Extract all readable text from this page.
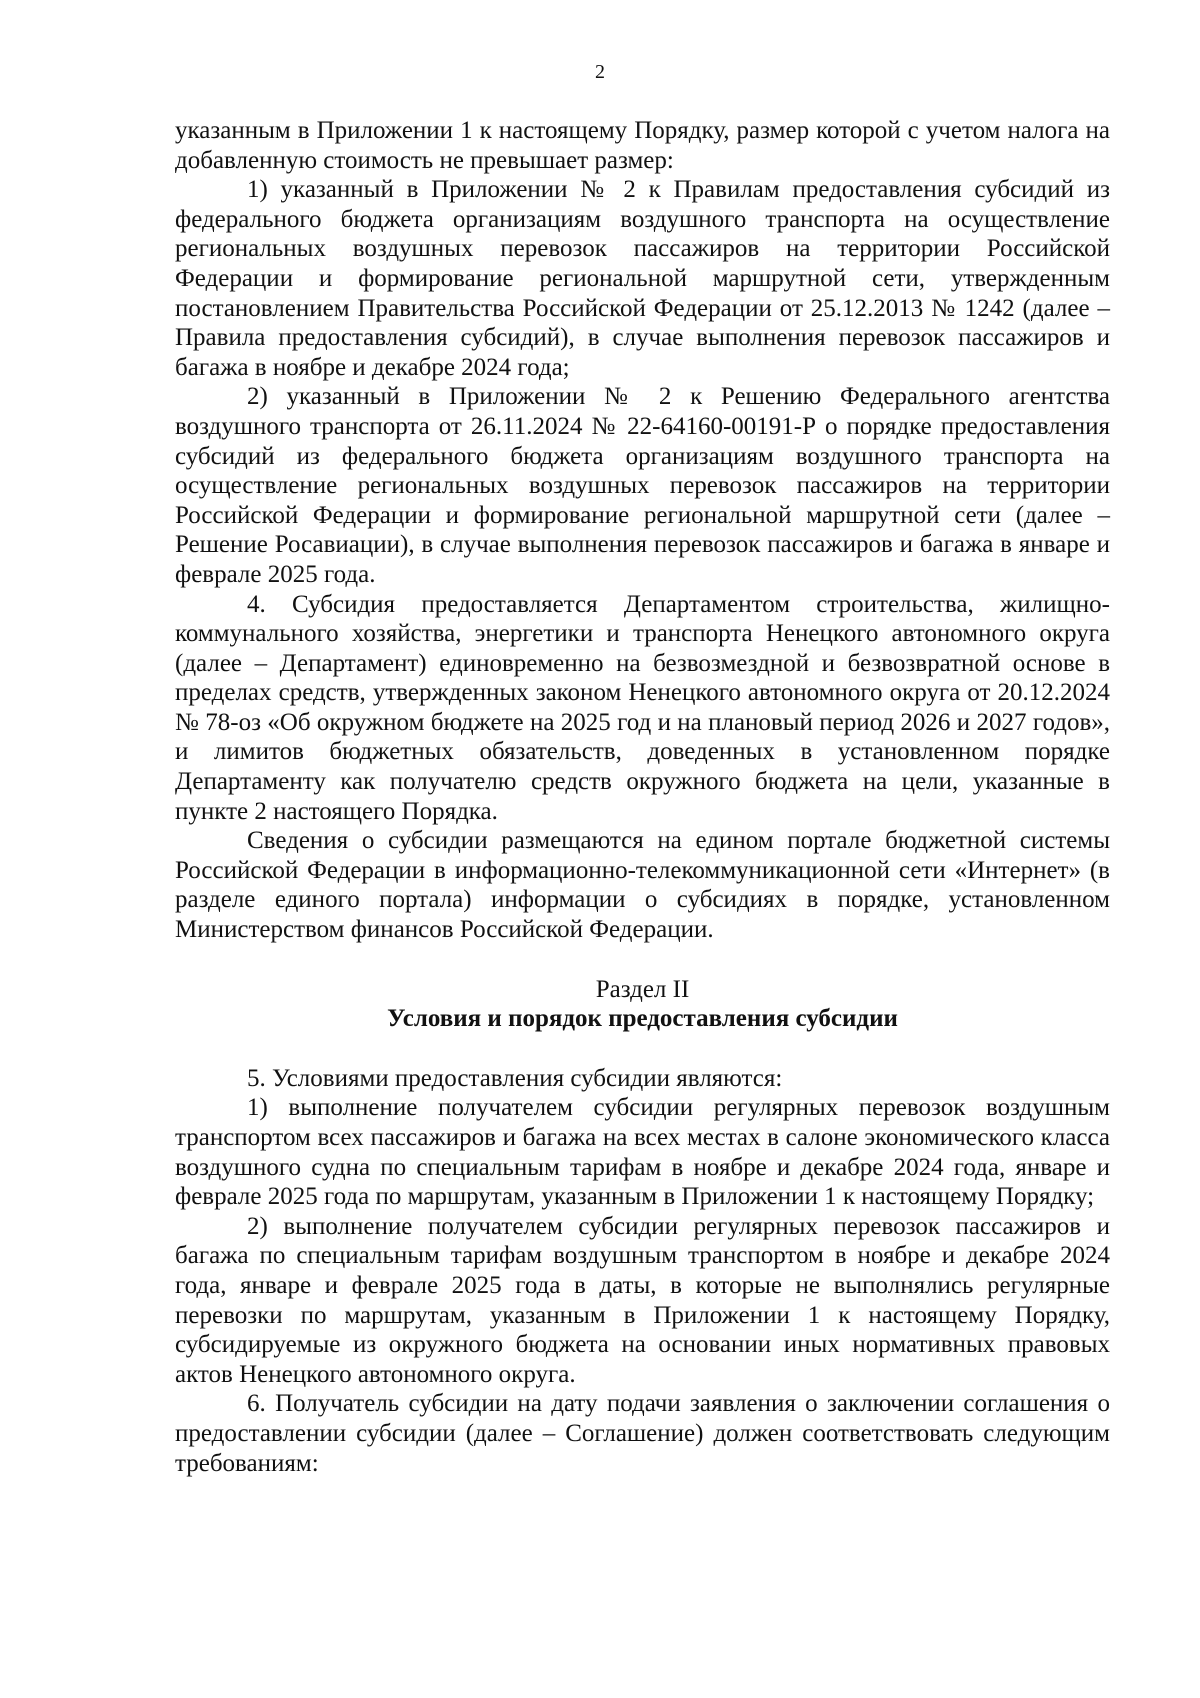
2

указанным в Приложении 1 к настоящему Порядку, размер которой с учетом налога на добавленную стоимость не превышает размер:

1) указанный в Приложении № 2 к Правилам предоставления субсидий из федерального бюджета организациям воздушного транспорта на осуществление региональных воздушных перевозок пассажиров на территории Российской Федерации и формирование региональной маршрутной сети, утвержденным постановлением Правительства Российской Федерации от 25.12.2013 № 1242 (далее – Правила предоставления субсидий), в случае выполнения перевозок пассажиров и багажа в ноябре и декабре 2024 года;

2) указанный в Приложении № 2 к Решению Федерального агентства воздушного транспорта от 26.11.2024 № 22-64160-00191-Р о порядке предоставления субсидий из федерального бюджета организациям воздушного транспорта на осуществление региональных воздушных перевозок пассажиров на территории Российской Федерации и формирование региональной маршрутной сети (далее – Решение Росавиации), в случае выполнения перевозок пассажиров и багажа в январе и феврале 2025 года.

4. Субсидия предоставляется Департаментом строительства, жилищно-коммунального хозяйства, энергетики и транспорта Ненецкого автономного округа (далее – Департамент) единовременно на безвозмездной и безвозвратной основе в пределах средств, утвержденных законом Ненецкого автономного округа от 20.12.2024 № 78-оз «Об окружном бюджете на 2025 год и на плановый период 2026 и 2027 годов», и лимитов бюджетных обязательств, доведенных в установленном порядке Департаменту как получателю средств окружного бюджета на цели, указанные в пункте 2 настоящего Порядка.

Сведения о субсидии размещаются на едином портале бюджетной системы Российской Федерации в информационно-телекоммуникационной сети «Интернет» (в разделе единого портала) информации о субсидиях в порядке, установленном Министерством финансов Российской Федерации.

Раздел II
Условия и порядок предоставления субсидии

5. Условиями предоставления субсидии являются:

1) выполнение получателем субсидии регулярных перевозок воздушным транспортом всех пассажиров и багажа на всех местах в салоне экономического класса воздушного судна по специальным тарифам в ноябре и декабре 2024 года, январе и феврале 2025 года по маршрутам, указанным в Приложении 1 к настоящему Порядку;

2) выполнение получателем субсидии регулярных перевозок пассажиров и багажа по специальным тарифам воздушным транспортом в ноябре и декабре 2024 года, январе и феврале 2025 года в даты, в которые не выполнялись регулярные перевозки по маршрутам, указанным в Приложении 1 к настоящему Порядку, субсидируемые из окружного бюджета на основании иных нормативных правовых актов Ненецкого автономного округа.

6. Получатель субсидии на дату подачи заявления о заключении соглашения о предоставлении субсидии (далее – Соглашение) должен соответствовать следующим требованиям:
